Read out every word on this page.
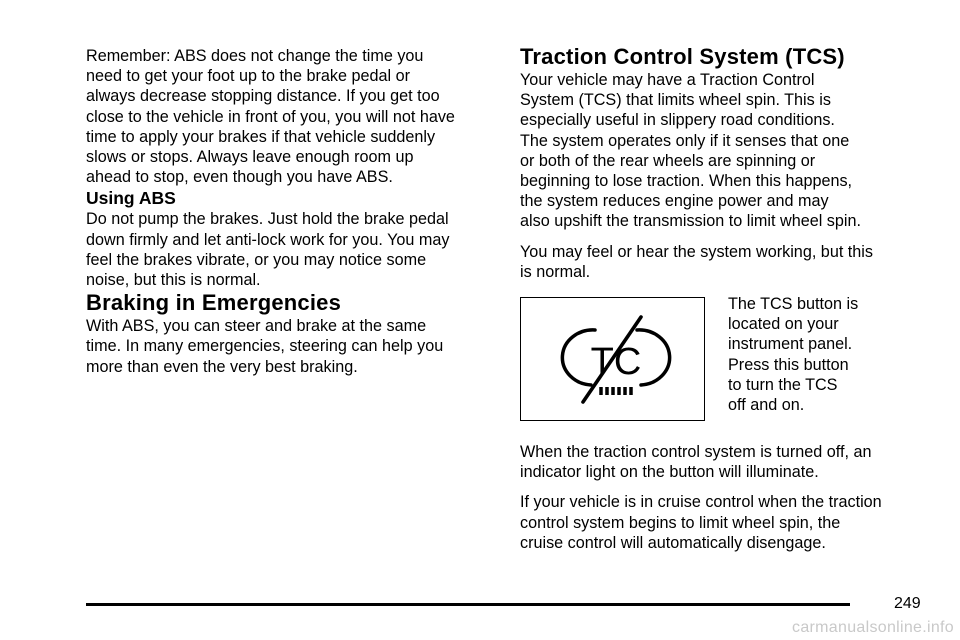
Remember: ABS does not change the time you
need to get your foot up to the brake pedal or
always decrease stopping distance. If you get too
close to the vehicle in front of you, you will not have
time to apply your brakes if that vehicle suddenly
slows or stops. Always leave enough room up
ahead to stop, even though you have ABS.

Using ABS

Do not pump the brakes. Just hold the brake pedal
down firmly and let anti-lock work for you. You may
feel the brakes vibrate, or you may notice some
noise, but this is normal.

Braking in Emergencies

With ABS, you can steer and brake at the same
time. In many emergencies, steering can help you
more than even the very best braking.

Traction Control System (TCS)

Your vehicle may have a Traction Control
System (TCS) that limits wheel spin. This is
especially useful in slippery road conditions.
The system operates only if it senses that one
or both of the rear wheels are spinning or
beginning to lose traction. When this happens,
the system reduces engine power and may
also upshift the transmission to limit wheel spin.

You may feel or hear the system working, but this
is normal.

TC

The TCS button is
located on your
instrument panel.
Press this button
to turn the TCS
off and on.

When the traction control system is turned off, an
indicator light on the button will illuminate.

If your vehicle is in cruise control when the traction
control system begins to limit wheel spin, the
cruise control will automatically disengage.

249
carmanualsonline.info
